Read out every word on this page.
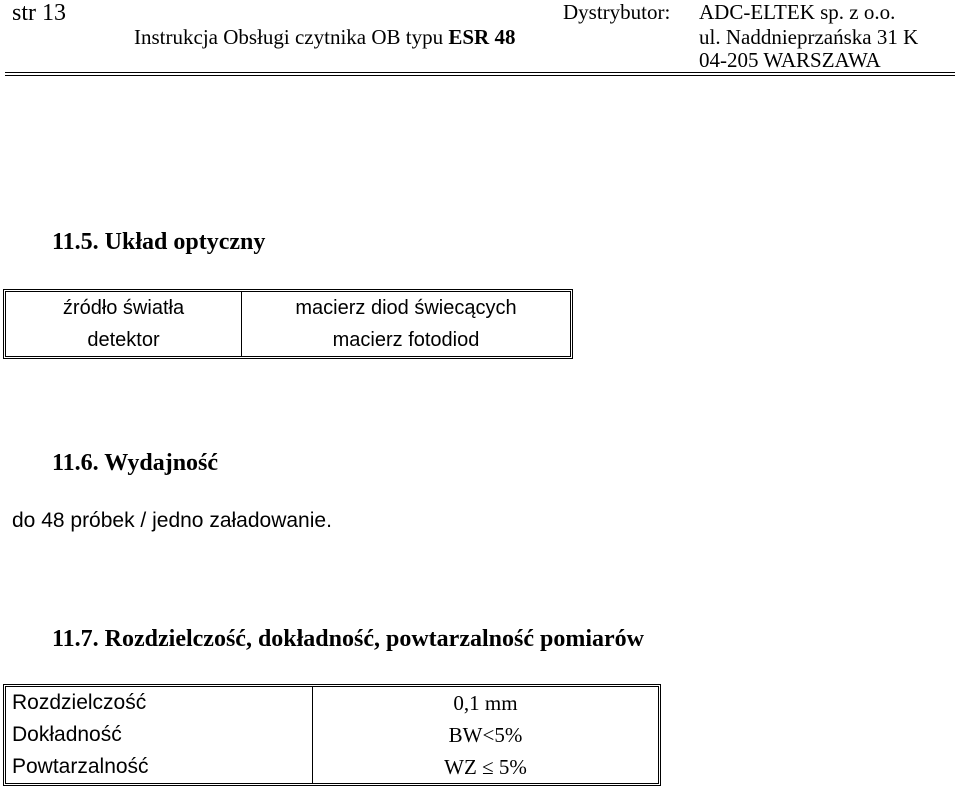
str 13
Instrukcja Obsługi czytnika OB typu ESR 48
Dystrybutor: ADC-ELTEK sp. z o.o.
ul. Naddnieprzańska 31 K
04-205 WARSZAWA
11.5. Układ optyczny
źródło światła	macierz diod świecących
detektor	macierz fotodiod
11.6. Wydajność
do 48 próbek / jedno załadowanie.
11.7. Rozdzielczość, dokładność, powtarzalność pomiarów
Rozdzielczość	0,1 mm
Dokładność	BW<5%
Powtarzalność	WZ ≤ 5%
